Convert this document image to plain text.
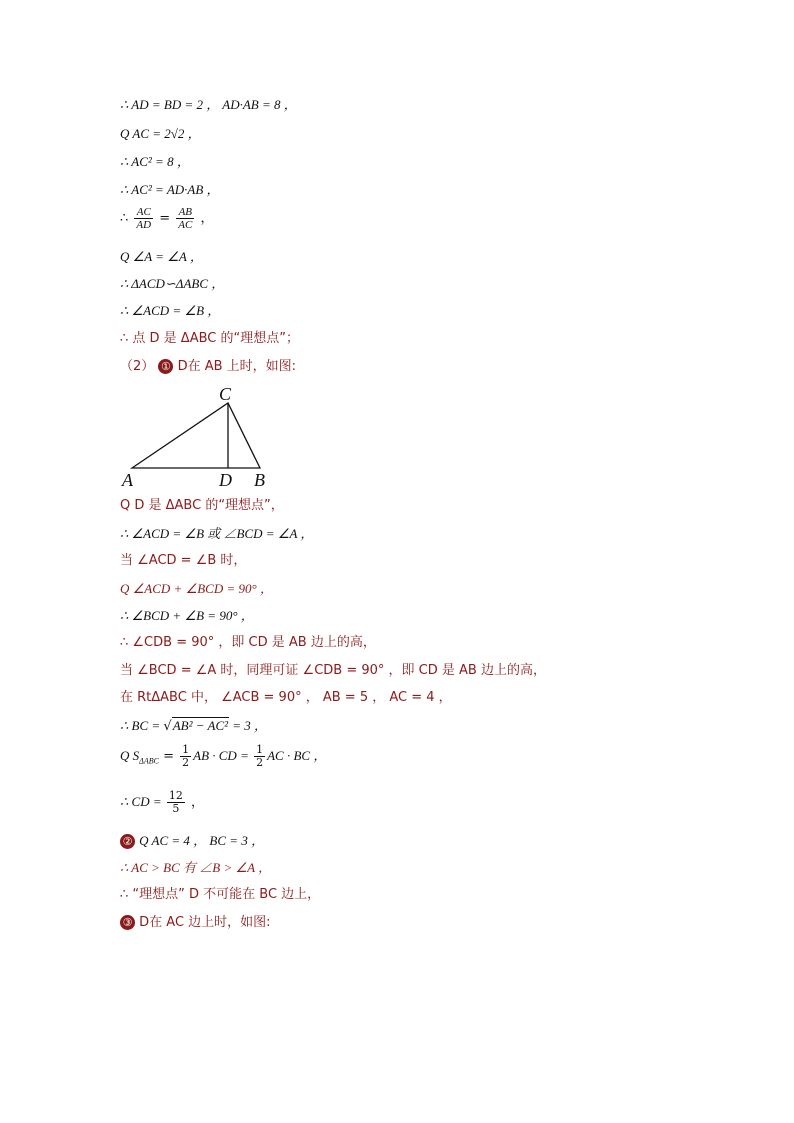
∴ AD = BD = 2 ， AD·AB = 8 ，
Q AC = 2√2 ，
∴ AC² = 8 ，
∴ AC² = AD·AB ，
∴ $\frac{AC}{AD} = \frac{AB}{AC}$ ，
Q ∠A = ∠A ，
∴ ΔACD∽ΔABC ，
∴ ∠ACD = ∠B ，
∴ 点 D 是 ΔABC 的“理想点”；
（2） ① D在 AB 上时，如图:
C
A	D B
Q D 是 ΔABC 的“理想点”，
∴ ∠ACD = ∠B 或 ∠BCD = ∠A ，
当 ∠ACD = ∠B 时，
Q ∠ACD + ∠BCD = 90° ，
∴ ∠BCD + ∠B = 90° ，
∴ ∠CDB = 90° ，即 CD 是 AB 边上的高，
当 ∠BCD = ∠A 时，同理可证 ∠CDB = 90° ，即 CD 是 AB 边上的高，
在 RtΔABC 中， ∠ACB = 90° ， AB = 5 ， AC = 4 ，
∴ BC = √AB² − AC² = 3 ，
Q $S_{\Delta ABC} = \frac{1}{2}$ AB · CD = $\frac{1}{2}$ AC · BC ，
∴ CD = $\frac{12}{5}$ ，
② Q AC = 4 ， BC = 3 ，
∴ AC > BC 有 ∠B > ∠A ，
∴ “理想点” D 不可能在 BC 边上，
③ D在 AC 边上时，如图:
